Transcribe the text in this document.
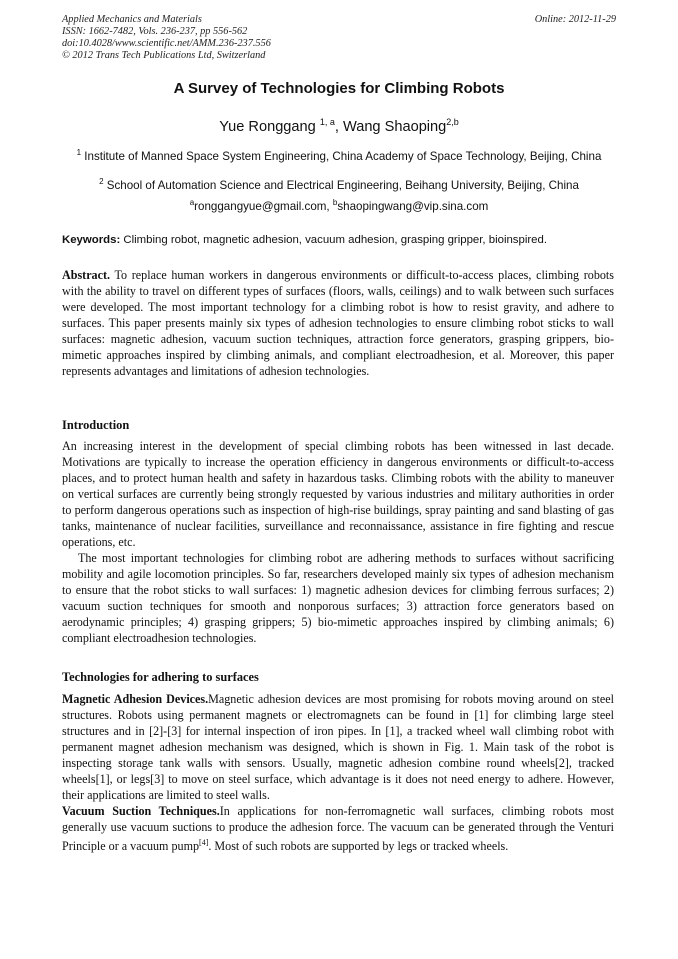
Applied Mechanics and Materials
ISSN: 1662-7482, Vols. 236-237, pp 556-562
doi:10.4028/www.scientific.net/AMM.236-237.556
© 2012 Trans Tech Publications Ltd, Switzerland
Online: 2012-11-29
A Survey of Technologies for Climbing Robots
Yue Ronggang $^{1, a}$, Wang Shaoping$^{2,b}$
$^1$ Institute of Manned Space System Engineering, China Academy of Space Technology, Beijing, China
$^2$ School of Automation Science and Electrical Engineering, Beihang University, Beijing, China
$^a$ronggangyue@gmail.com, $^b$shaopingwang@vip.sina.com
Keywords: Climbing robot, magnetic adhesion, vacuum adhesion, grasping gripper, bioinspired.
Abstract. To replace human workers in dangerous environments or difficult-to-access places, climbing robots with the ability to travel on different types of surfaces (floors, walls, ceilings) and to walk between such surfaces were developed. The most important technology for a climbing robot is how to resist gravity, and adhere to surfaces. This paper presents mainly six types of adhesion technologies to ensure climbing robot sticks to wall surfaces: magnetic adhesion, vacuum suction techniques, attraction force generators, grasping grippers, bio-mimetic approaches inspired by climbing animals, and compliant electroadhesion, et al. Moreover, this paper represents advantages and limitations of adhesion technologies.
Introduction
An increasing interest in the development of special climbing robots has been witnessed in last decade. Motivations are typically to increase the operation efficiency in dangerous environments or difficult-to-access places, and to protect human health and safety in hazardous tasks. Climbing robots with the ability to maneuver on vertical surfaces are currently being strongly requested by various industries and military authorities in order to perform dangerous operations such as inspection of high-rise buildings, spray painting and sand blasting of gas tanks, maintenance of nuclear facilities, surveillance and reconnaissance, assistance in fire fighting and rescue operations, etc.
The most important technologies for climbing robot are adhering methods to surfaces without sacrificing mobility and agile locomotion principles. So far, researchers developed mainly six types of adhesion mechanism to ensure that the robot sticks to wall surfaces: 1) magnetic adhesion devices for climbing ferrous surfaces; 2) vacuum suction techniques for smooth and nonporous surfaces; 3) attraction force generators based on aerodynamic principles; 4) grasping grippers; 5) bio-mimetic approaches inspired by climbing animals; 6) compliant electroadhesion technologies.
Technologies for adhering to surfaces
Magnetic Adhesion Devices.Magnetic adhesion devices are most promising for robots moving around on steel structures. Robots using permanent magnets or electromagnets can be found in [1] for climbing large steel structures and in [2]-[3] for internal inspection of iron pipes. In [1], a tracked wheel wall climbing robot with permanent magnet adhesion mechanism was designed, which is shown in Fig. 1. Main task of the robot is inspecting storage tank walls with sensors. Usually, magnetic adhesion combine round wheels[2], tracked wheels[1], or legs[3] to move on steel surface, which advantage is it does not need energy to adhere. However, their applications are limited to steel walls.
Vacuum Suction Techniques.In applications for non-ferromagnetic wall surfaces, climbing robots most generally use vacuum suctions to produce the adhesion force. The vacuum can be generated through the Venturi Principle or a vacuum pump[4]. Most of such robots are supported by legs or tracked wheels.
